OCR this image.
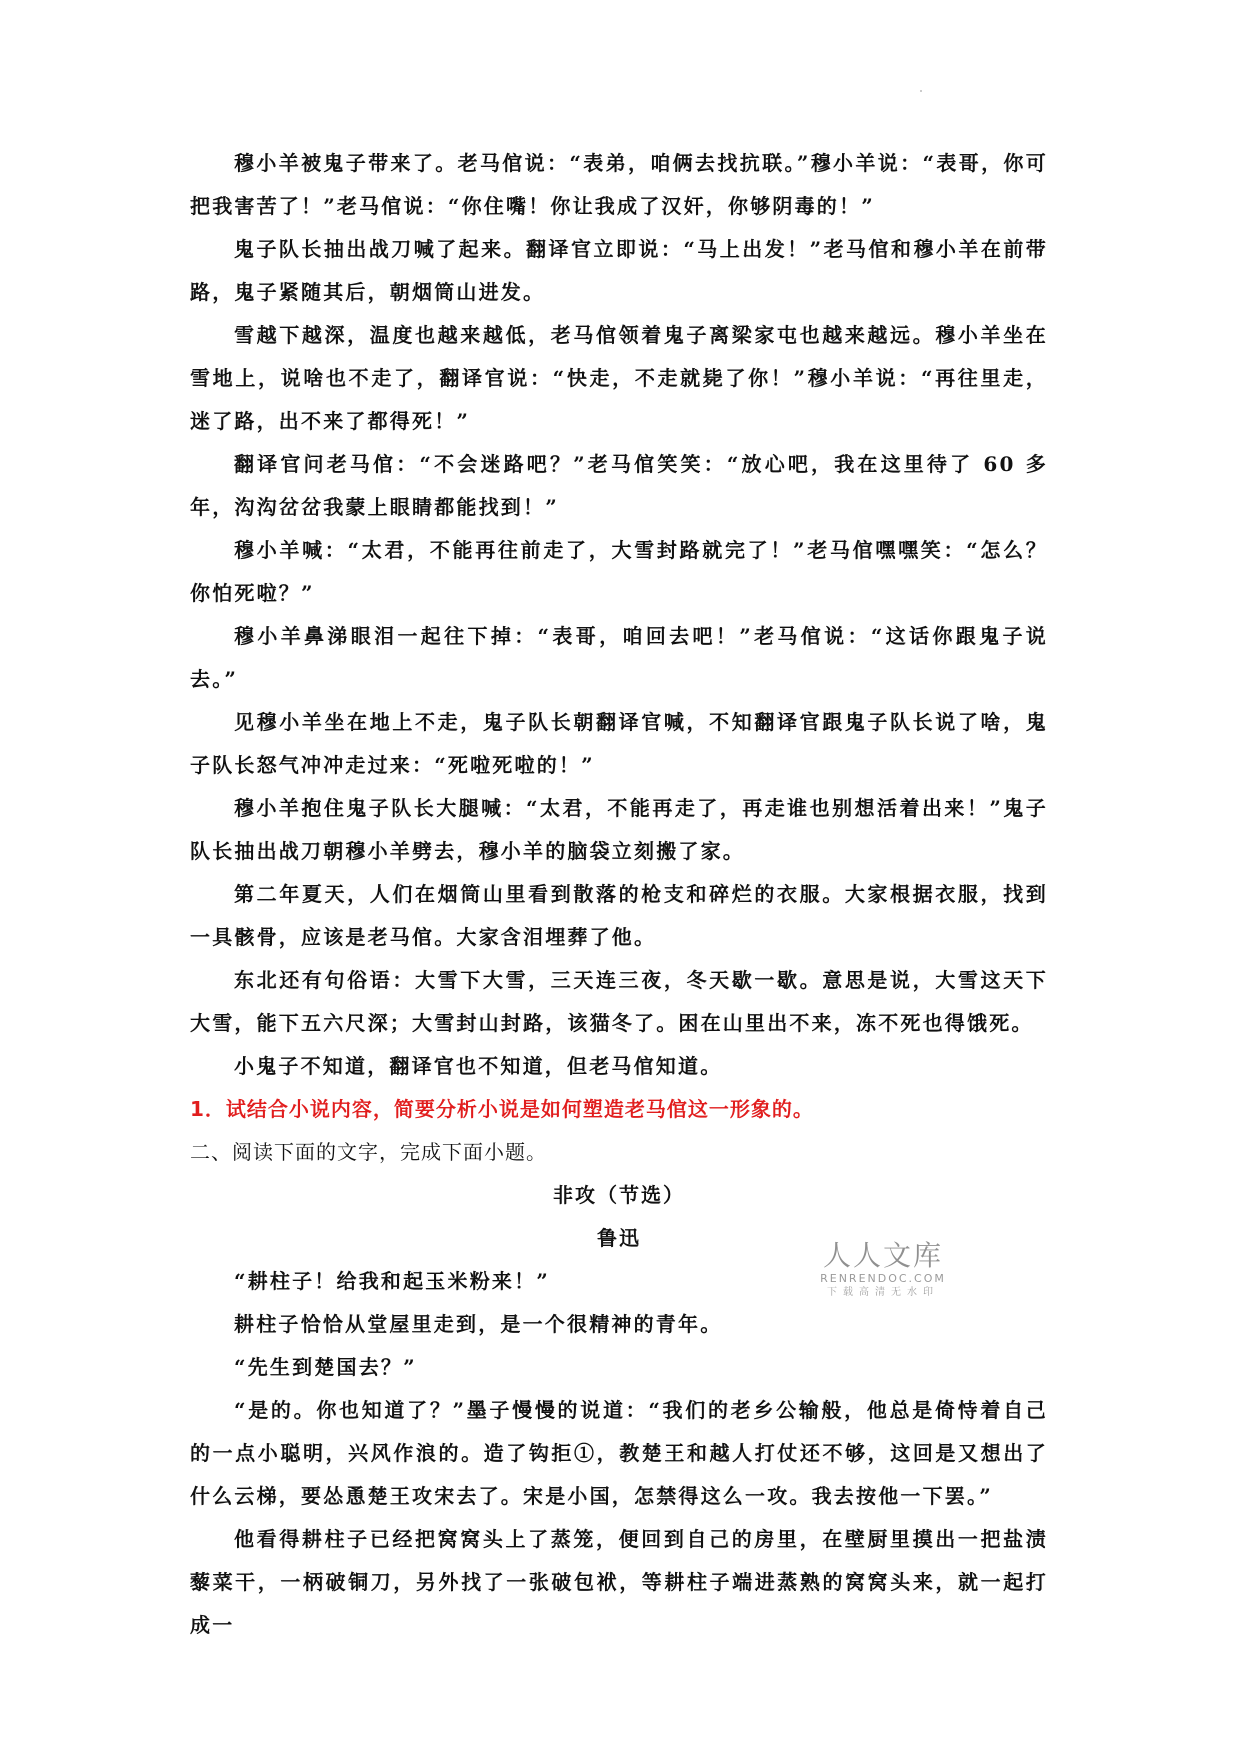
穆小羊被鬼子带来了。老马倌说：“表弟，咱俩去找抗联。”穆小羊说：“表哥，你可把我害苦了！”老马倌说：“你住嘴！你让我成了汉奸，你够阴毒的！”

鬼子队长抽出战刀喊了起来。翻译官立即说：“马上出发！”老马倌和穆小羊在前带路，鬼子紧随其后，朝烟筒山进发。

雪越下越深，温度也越来越低，老马倌领着鬼子离梁家屯也越来越远。穆小羊坐在雪地上，说啥也不走了，翻译官说：“快走，不走就毙了你！”穆小羊说：“再往里走，迷了路，出不来了都得死！”

翻译官问老马倌：“不会迷路吧？”老马倌笑笑：“放心吧，我在这里待了 60 多年，沟沟岔岔我蒙上眼睛都能找到！”

穆小羊喊：“太君，不能再往前走了，大雪封路就完了！”老马倌嘿嘿笑：“怎么？你怕死啦？”

穆小羊鼻涕眼泪一起往下掉：“表哥，咱回去吧！”老马倌说：“这话你跟鬼子说去。”

见穆小羊坐在地上不走，鬼子队长朝翻译官喊，不知翻译官跟鬼子队长说了啥，鬼子队长怒气冲冲走过来：“死啦死啦的！”

穆小羊抱住鬼子队长大腿喊：“太君，不能再走了，再走谁也别想活着出来！”鬼子队长抽出战刀朝穆小羊劈去，穆小羊的脑袋立刻搬了家。

第二年夏天，人们在烟筒山里看到散落的枪支和碎烂的衣服。大家根据衣服，找到一具骸骨，应该是老马倌。大家含泪埋葬了他。

东北还有句俗语：大雪下大雪，三天连三夜，冬天歇一歇。意思是说，大雪这天下大雪，能下五六尺深；大雪封山封路，该猫冬了。困在山里出不来，冻不死也得饿死。

小鬼子不知道，翻译官也不知道，但老马倌知道。

1．试结合小说内容，简要分析小说是如何塑造老马倌这一形象的。

二、阅读下面的文字，完成下面小题。

非攻（节选）

鲁迅

“耕柱子！给我和起玉米粉来！”

耕柱子恰恰从堂屋里走到，是一个很精神的青年。

“先生到楚国去？”

“是的。你也知道了？”墨子慢慢的说道：“我们的老乡公输般，他总是倚恃着自己的一点小聪明，兴风作浪的。造了钩拒①，教楚王和越人打仗还不够，这回是又想出了什么云梯，要怂恿楚王攻宋去了。宋是小国，怎禁得这么一攻。我去按他一下罢。”

他看得耕柱子已经把窝窝头上了蒸笼，便回到自己的房里，在壁厨里摸出一把盐渍藜菜干，一柄破铜刀，另外找了一张破包袱，等耕柱子端进蒸熟的窝窝头来，就一起打成一

人人文库
RENRENDOC.COM
下载高清无水印
